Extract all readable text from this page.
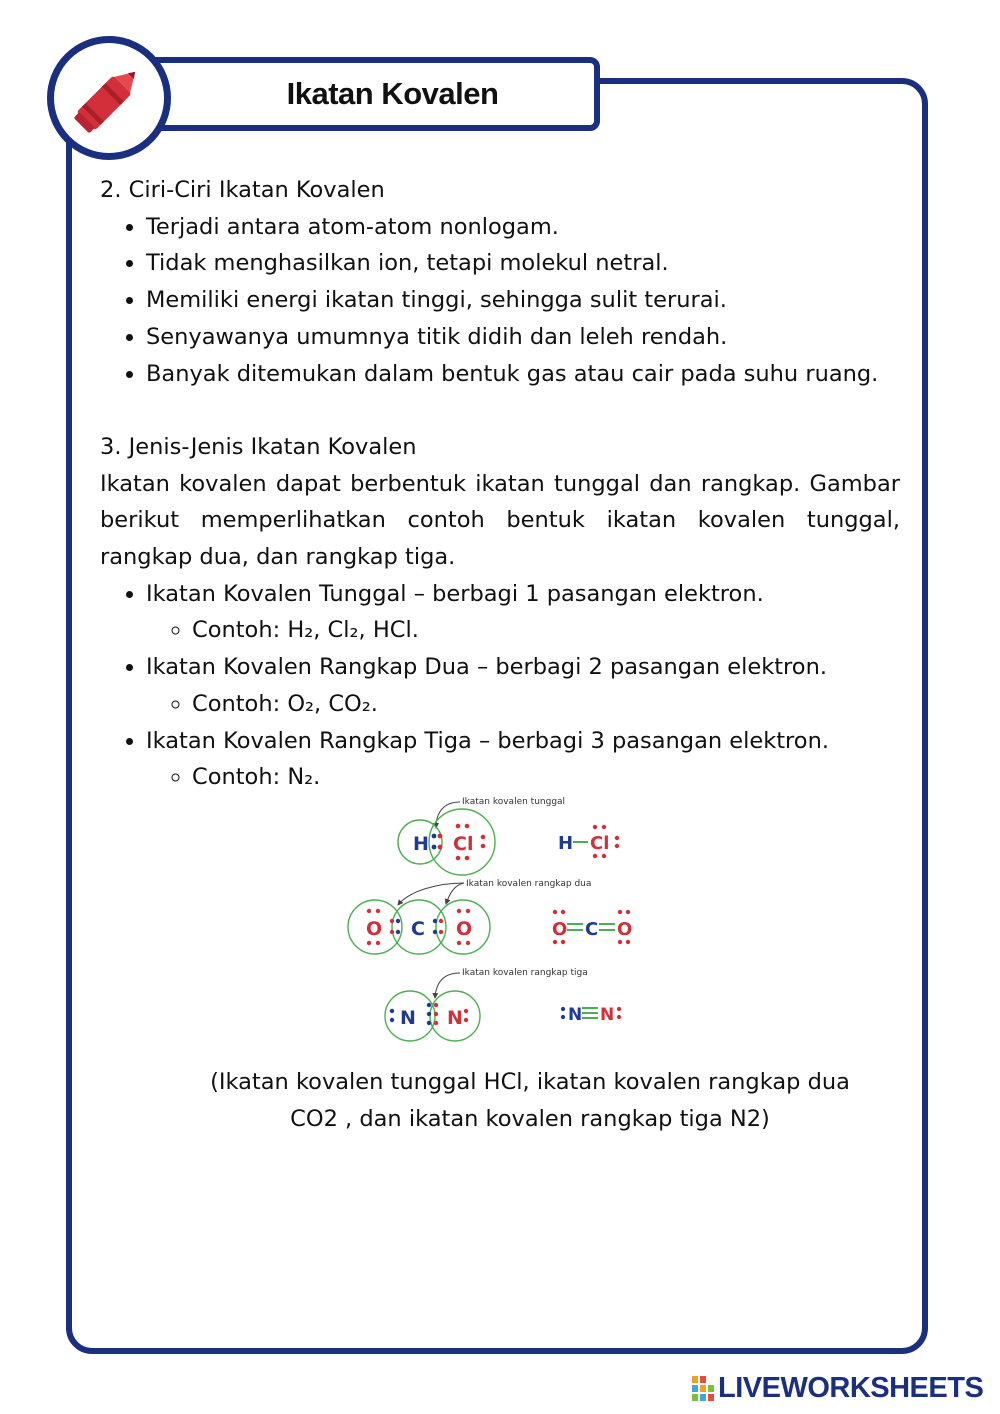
Ikatan Kovalen

2. Ciri-Ciri Ikatan Kovalen

• Terjadi antara atom-atom nonlogam.
• Tidak menghasilkan ion, tetapi molekul netral.
• Memiliki energi ikatan tinggi, sehingga sulit terurai.
• Senyawanya umumnya titik didih dan leleh rendah.
• Banyak ditemukan dalam bentuk gas atau cair pada suhu ruang.

3. Jenis-Jenis Ikatan Kovalen

Ikatan kovalen dapat berbentuk ikatan tunggal dan rangkap. Gambar berikut memperlihatkan contoh bentuk ikatan kovalen tunggal, rangkap dua, dan rangkap tiga.

• Ikatan Kovalen Tunggal – berbagi 1 pasangan elektron.
◦ Contoh: H₂, Cl₂, HCl.
• Ikatan Kovalen Rangkap Dua – berbagi 2 pasangan elektron.
◦ Contoh: O₂, CO₂.
• Ikatan Kovalen Rangkap Tiga – berbagi 3 pasangan elektron.
◦ Contoh: N₂.
Ikatan kovalen tunggal
H Cl	H Cl
Ikatan kovalen rangkap dua
O C O	O C O
Ikatan kovalen rangkap tiga
N N	N N
(Ikatan kovalen tunggal HCl, ikatan kovalen rangkap dua
CO2 , dan ikatan kovalen rangkap tiga N2)
LIVEWORKSHEETS
